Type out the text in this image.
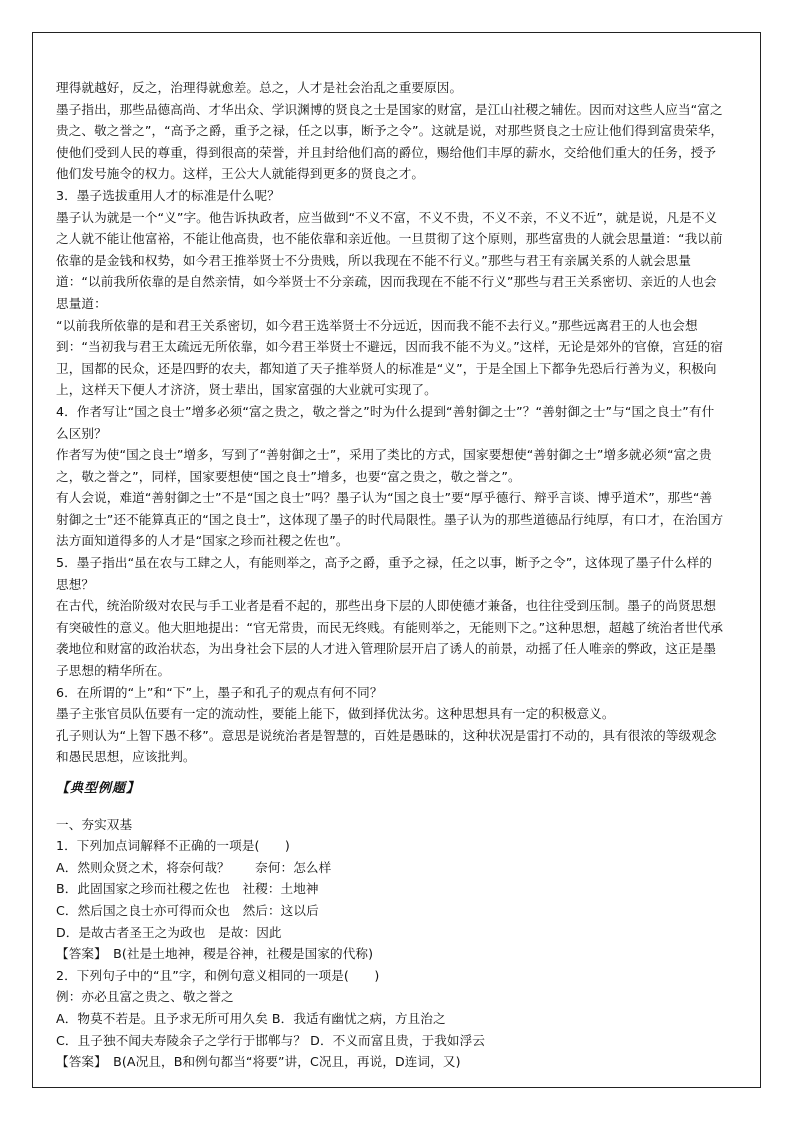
理得就越好，反之，治理得就愈差。总之，人才是社会治乱之重要原因。

墨子指出，那些品德高尚、才华出众、学识渊博的贤良之士是国家的财富，是江山社稷之辅佐。因而对这些人应当“富之贵之、敬之誉之”，“高予之爵，重予之禄，任之以事，断予之令”。这就是说，对那些贤良之士应让他们得到富贵荣华，使他们受到人民的尊重，得到很高的荣誉，并且封给他们高的爵位，赐给他们丰厚的薪水，交给他们重大的任务，授予他们发号施令的权力。这样，王公大人就能得到更多的贤良之才。

3．墨子选拔重用人才的标准是什么呢？

墨子认为就是一个“义”字。他告诉执政者，应当做到“不义不富，不义不贵，不义不亲，不义不近”，就是说，凡是不义之人就不能让他富裕，不能让他高贵，也不能依靠和亲近他。一旦贯彻了这个原则，那些富贵的人就会思量道：“我以前依靠的是金钱和权势，如今君王推举贤士不分贵贱，所以我现在不能不行义。”那些与君王有亲属关系的人就会思量道：“以前我所依靠的是自然亲情，如今举贤士不分亲疏，因而我现在不能不行义”那些与君王关系密切、亲近的人也会思量道：

“以前我所依靠的是和君王关系密切，如今君王选举贤士不分远近，因而我不能不去行义。”那些远离君王的人也会想到：“当初我与君王太疏远无所依靠，如今君王举贤士不避远，因而我不能不为义。”这样，无论是郊外的官僚，宫廷的宿卫，国都的民众，还是四野的农夫，都知道了天子推举贤人的标准是“义”，于是全国上下都争先恐后行善为义，积极向上，这样天下便人才济济，贤士辈出，国家富强的大业就可实现了。

4．作者写让“国之良士”增多必须“富之贵之，敬之誉之”时为什么提到“善射御之士”？“善射御之士”与“国之良士”有什么区别？

作者写为使“国之良士”增多，写到了“善射御之士”，采用了类比的方式，国家要想使“善射御之士”增多就必须“富之贵之，敬之誉之”，同样，国家要想使“国之良士”增多，也要“富之贵之，敬之誉之”。

有人会说，难道“善射御之士”不是“国之良士”吗？墨子认为“国之良士”要“厚乎德行、辩乎言谈、博乎道术”，那些“善射御之士”还不能算真正的“国之良士”，这体现了墨子的时代局限性。墨子认为的那些道德品行纯厚，有口才，在治国方法方面知道得多的人才是“国家之珍而社稷之佐也”。

5．墨子指出“虽在农与工肆之人，有能则举之，高予之爵，重予之禄，任之以事，断予之令”，这体现了墨子什么样的思想？

在古代，统治阶级对农民与手工业者是看不起的，那些出身下层的人即使德才兼备，也往往受到压制。墨子的尚贤思想有突破性的意义。他大胆地提出：“官无常贵，而民无终贱。有能则举之，无能则下之。”这种思想，超越了统治者世代承袭地位和财富的政治状态，为出身社会下层的人才进入管理阶层开启了诱人的前景，动摇了任人唯亲的弊政，这正是墨子思想的精华所在。

6．在所谓的“上”和“下”上，墨子和孔子的观点有何不同？

墨子主张官员队伍要有一定的流动性，要能上能下，做到择优汰劣。这种思想具有一定的积极意义。

孔子则认为“上智下愚不移”。意思是说统治者是智慧的，百姓是愚昧的，这种状况是雷打不动的，具有很浓的等级观念和愚民思想，应该批判。

【典型例题】

一、夯实双基

1．下列加点词解释不正确的一项是(　　)

A．然则众贤之术，将奈何哉？　　奈何：怎么样

B．此固国家之珍而社稷之佐也　社稷：土地神

C．然后国之良士亦可得而众也　然后：这以后

D．是故古者圣王之为政也　是故：因此

【答案】　B(社是土地神，稷是谷神，社稷是国家的代称)

2．下列句子中的“且”字，和例句意义相同的一项是(　　)

例：亦必且富之贵之、敬之誉之

A．物莫不若是。且予求无所可用久矣 B．我适有幽忧之病，方且治之

C．且子独不闻夫寿陵余子之学行于邯郸与？ D．不义而富且贵，于我如浮云

【答案】　B(A况且，B和例句都当“将要”讲，C况且，再说，D连词，又)
